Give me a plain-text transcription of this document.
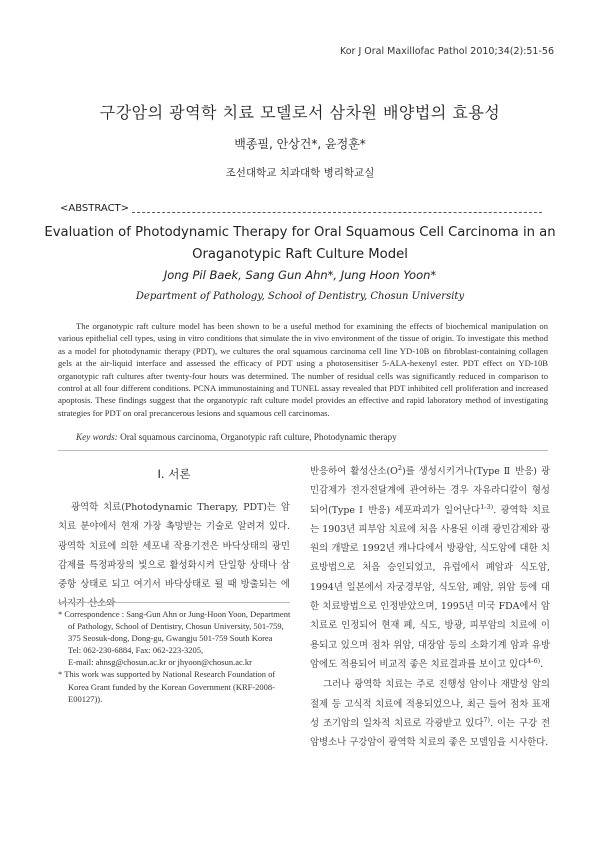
Kor J Oral Maxillofac Pathol 2010;34(2):51-56
구강암의 광역학 치료 모델로서 삼차원 배양법의 효용성
백종필, 안상건*, 윤정훈*
조선대학교 치과대학 병리학교실
<ABSTRACT>
Evaluation of Photodynamic Therapy for Oral Squamous Cell Carcinoma in an Oraganotypic Raft Culture Model
Jong Pil Baek, Sang Gun Ahn*, Jung Hoon Yoon*
Department of Pathology, School of Dentistry, Chosun University
The organotypic raft culture model has been shown to be a useful method for examining the effects of biochemical manipulation on various epithelial cell types, using in vitro conditions that simulate the in vivo environment of the tissue of origin. To investigate this method as a model for photodynamic therapy (PDT), we cultures the oral squamous carcinoma cell line YD-10B on fibroblast-containing collagen gels at the air-liquid interface and assessed the efficacy of PDT using a photosensitiser 5-ALA-hexenyl ester. PDT effect on YD-10B organotypic raft cultures after twenty-four hours was determined. The number of residual cells was significantly reduced in comparison to control at all four different conditions. PCNA immunostaining and TUNEL assay revealed that PDT inhibited cell proliferation and increased apoptosis. These findings suggest that the organotypic raft culture model provides an effective and rapid laboratory method of investigating strategies for PDT on oral precancerous lesions and squamous cell carcinomas.
Key words: Oral squamous carcinoma, Organotypic raft culture, Photodynamic therapy
I. 서론

광역학 치료(Photodynamic Therapy, PDT)는 암 치료 분야에서 현재 가장 촉망받는 기술로 알려져 있다. 광역학 치료에 의한 세포내 작용기전은 바닥상태의 광민감제를 특정파장의 빛으로 활성화시켜 단일항 상태나 삼중항 상태로 되고 여기서 바닥상태로 될 때 방출되는 에너지가 산소와

* Correspondence : Sang-Gun Ahn or Jung-Hoon Yoon, Department of Pathology, School of Dentistry, Chosun University, 501-759, 375 Seosuk-dong, Dong-gu, Gwangju 501-759 South Korea
Tel: 062-230-6884, Fax: 062-223-3205,
E-mail: ahnsg@chosun.ac.kr or jhyoon@chosun.ac.kr
* This work was supported by National Research Foundation of Korea Grant funded by the Korean Government (KRF-2008-E00127)).

반응하여 활성산소$(O^2)$를 생성시키거나(Type Ⅱ 반응) 광민감제가 전자전달계에 관여하는 경우 자유라디칼이 형성되어(Type Ⅰ 반응) 세포파괴가 일어난다$^{1-3)}$. 광역학 치료는 1903년 피부암 치료에 처음 사용된 이래 광민감제와 광원의 개발로 1992년 캐나다에서 방광암, 식도암에 대한 치료방법으로 처음 승인되었고, 유럽에서 폐암과 식도암, 1994년 일본에서 자궁경부암, 식도암, 폐암, 위암 등에 대한 치료방법으로 인정받았으며, 1995년 미국 FDA에서 암 치료로 인정되어 현재 폐, 식도, 방광, 피부암의 치료에 이용되고 있으며 점차 위암, 대장암 등의 소화기계 암과 유방암에도 적용되어 비교적 좋은 치료결과를 보이고 있다$^{4-6)}$.

그러나 광역학 치료는 주로 진행성 암이나 재발성 암의 절제 등 고식적 치료에 적용되었으나, 최근 들어 점차 표재성 조기암의 일차적 치료로 각광받고 있다$^{7)}$. 이는 구강 전암병소나 구강암이 광역학 치료의 좋은 모델임을 시사한다.
